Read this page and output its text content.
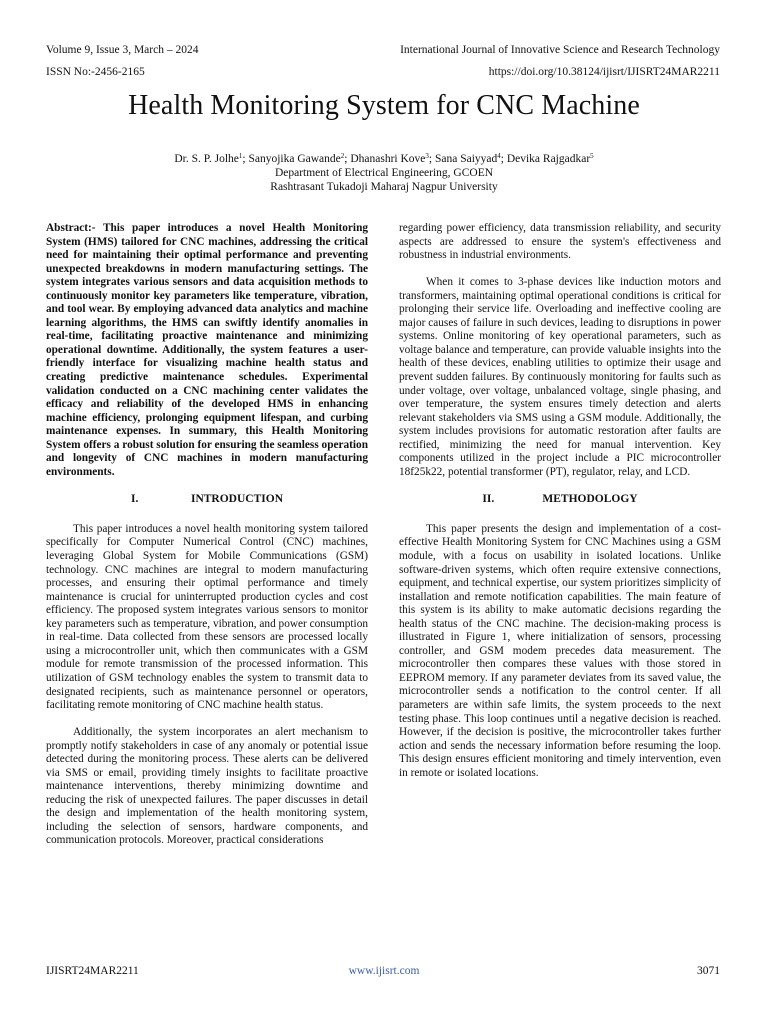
Volume 9, Issue 3, March – 2024
ISSN No:-2456-2165
International Journal of Innovative Science and Research Technology
https://doi.org/10.38124/ijisrt/IJISRT24MAR2211
Health Monitoring System for CNC Machine
Dr. S. P. Jolhe$^1$; Sanyojika Gawande$^2$; Dhanashri Kove$^3$; Sana Saiyyad$^4$; Devika Rajgadkar$^5$
Department of Electrical Engineering, GCOEN
Rashtrasant Tukadoji Maharaj Nagpur University

Abstract:- This paper introduces a novel Health Monitoring System (HMS) tailored for CNC machines, addressing the critical need for maintaining their optimal performance and preventing unexpected breakdowns in modern manufacturing settings. The system integrates various sensors and data acquisition methods to continuously monitor key parameters like temperature, vibration, and tool wear. By employing advanced data analytics and machine learning algorithms, the HMS can swiftly identify anomalies in real-time, facilitating proactive maintenance and minimizing operational downtime. Additionally, the system features a user-friendly interface for visualizing machine health status and creating predictive maintenance schedules. Experimental validation conducted on a CNC machining center validates the efficacy and reliability of the developed HMS in enhancing machine efficiency, prolonging equipment lifespan, and curbing maintenance expenses. In summary, this Health Monitoring System offers a robust solution for ensuring the seamless operation and longevity of CNC machines in modern manufacturing environments.

I.	INTRODUCTION

This paper introduces a novel health monitoring system tailored specifically for Computer Numerical Control (CNC) machines, leveraging Global System for Mobile Communications (GSM) technology. CNC machines are integral to modern manufacturing processes, and ensuring their optimal performance and timely maintenance is crucial for uninterrupted production cycles and cost efficiency. The proposed system integrates various sensors to monitor key parameters such as temperature, vibration, and power consumption in real-time. Data collected from these sensors are processed locally using a microcontroller unit, which then communicates with a GSM module for remote transmission of the processed information. This utilization of GSM technology enables the system to transmit data to designated recipients, such as maintenance personnel or operators, facilitating remote monitoring of CNC machine health status.

Additionally, the system incorporates an alert mechanism to promptly notify stakeholders in case of any anomaly or potential issue detected during the monitoring process. These alerts can be delivered via SMS or email, providing timely insights to facilitate proactive maintenance interventions, thereby minimizing downtime and reducing the risk of unexpected failures. The paper discusses in detail the design and implementation of the health monitoring system, including the selection of sensors, hardware components, and communication protocols. Moreover, practical considerations

regarding power efficiency, data transmission reliability, and security aspects are addressed to ensure the system's effectiveness and robustness in industrial environments.

When it comes to 3-phase devices like induction motors and transformers, maintaining optimal operational conditions is critical for prolonging their service life. Overloading and ineffective cooling are major causes of failure in such devices, leading to disruptions in power systems. Online monitoring of key operational parameters, such as voltage balance and temperature, can provide valuable insights into the health of these devices, enabling utilities to optimize their usage and prevent sudden failures. By continuously monitoring for faults such as under voltage, over voltage, unbalanced voltage, single phasing, and over temperature, the system ensures timely detection and alerts relevant stakeholders via SMS using a GSM module. Additionally, the system includes provisions for automatic restoration after faults are rectified, minimizing the need for manual intervention. Key components utilized in the project include a PIC microcontroller 18f25k22, potential transformer (PT), regulator, relay, and LCD.

II.	METHODOLOGY

This paper presents the design and implementation of a cost-effective Health Monitoring System for CNC Machines using a GSM module, with a focus on usability in isolated locations. Unlike software-driven systems, which often require extensive connections, equipment, and technical expertise, our system prioritizes simplicity of installation and remote notification capabilities. The main feature of this system is its ability to make automatic decisions regarding the health status of the CNC machine. The decision-making process is illustrated in Figure 1, where initialization of sensors, processing controller, and GSM modem precedes data measurement. The microcontroller then compares these values with those stored in EEPROM memory. If any parameter deviates from its saved value, the microcontroller sends a notification to the control center. If all parameters are within safe limits, the system proceeds to the next testing phase. This loop continues until a negative decision is reached. However, if the decision is positive, the microcontroller takes further action and sends the necessary information before resuming the loop. This design ensures efficient monitoring and timely intervention, even in remote or isolated locations.

IJISRT24MAR2211	www.ijisrt.com	3071
